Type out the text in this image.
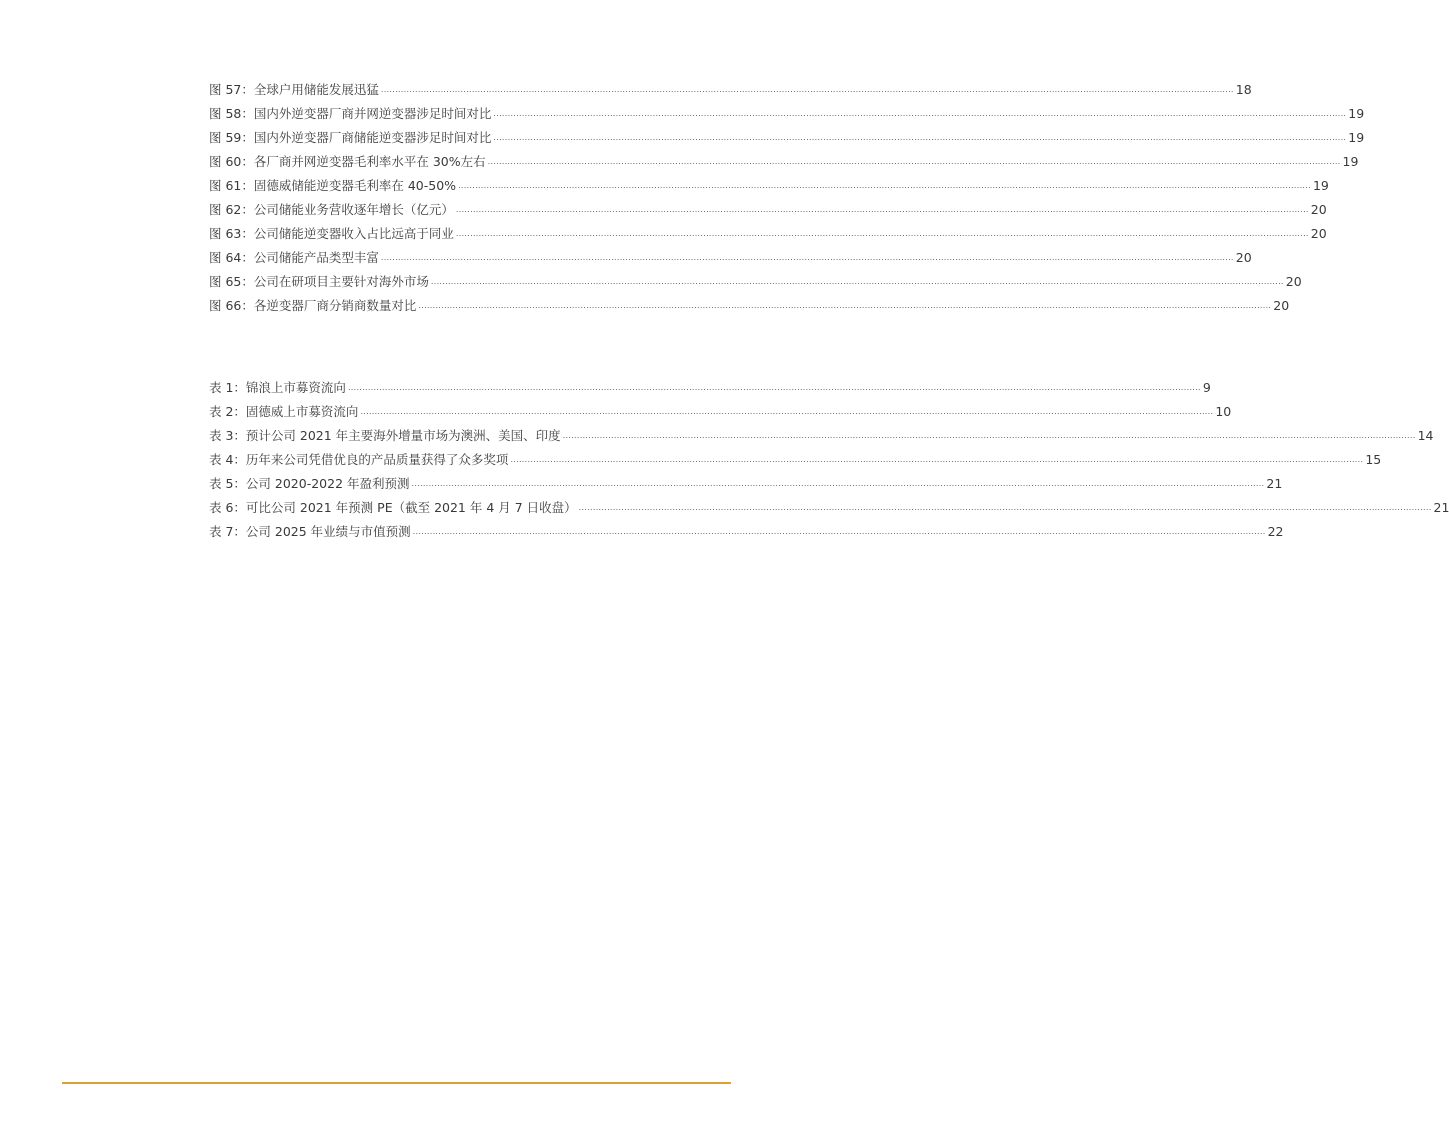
图 57：全球户用储能发展迅猛 ............................................................................................................................................................................................................................................................................................................ 18
图 58：国内外逆变器厂商并网逆变器涉足时间对比 ............................................................................................................................................................................................................................................................................................................ 19
图 59：国内外逆变器厂商储能逆变器涉足时间对比 ............................................................................................................................................................................................................................................................................................................ 19
图 60：各厂商并网逆变器毛利率水平在 30%左右 ............................................................................................................................................................................................................................................................................................................ 19
图 61：固德威储能逆变器毛利率在 40-50% ............................................................................................................................................................................................................................................................................................................ 19
图 62：公司储能业务营收逐年增长（亿元） ............................................................................................................................................................................................................................................................................................................ 20
图 63：公司储能逆变器收入占比远高于同业 ............................................................................................................................................................................................................................................................................................................ 20
图 64：公司储能产品类型丰富 ............................................................................................................................................................................................................................................................................................................ 20
图 65：公司在研项目主要针对海外市场 ............................................................................................................................................................................................................................................................................................................ 20
图 66：各逆变器厂商分销商数量对比 ............................................................................................................................................................................................................................................................................................................ 20
表 1：锦浪上市募资流向 ............................................................................................................................................................................................................................................................................................................ 9
表 2：固德威上市募资流向 ............................................................................................................................................................................................................................................................................................................ 10
表 3：预计公司 2021 年主要海外增量市场为澳洲、美国、印度 ............................................................................................................................................................................................................................................................................................................ 14
表 4：历年来公司凭借优良的产品质量获得了众多奖项 ............................................................................................................................................................................................................................................................................................................ 15
表 5：公司 2020-2022 年盈利预测 ............................................................................................................................................................................................................................................................................................................ 21
表 6：可比公司 2021 年预测 PE（截至 2021 年 4 月 7 日收盘） ............................................................................................................................................................................................................................................................................................................ 21
表 7：公司 2025 年业绩与市值预测 ............................................................................................................................................................................................................................................................................................................ 22
